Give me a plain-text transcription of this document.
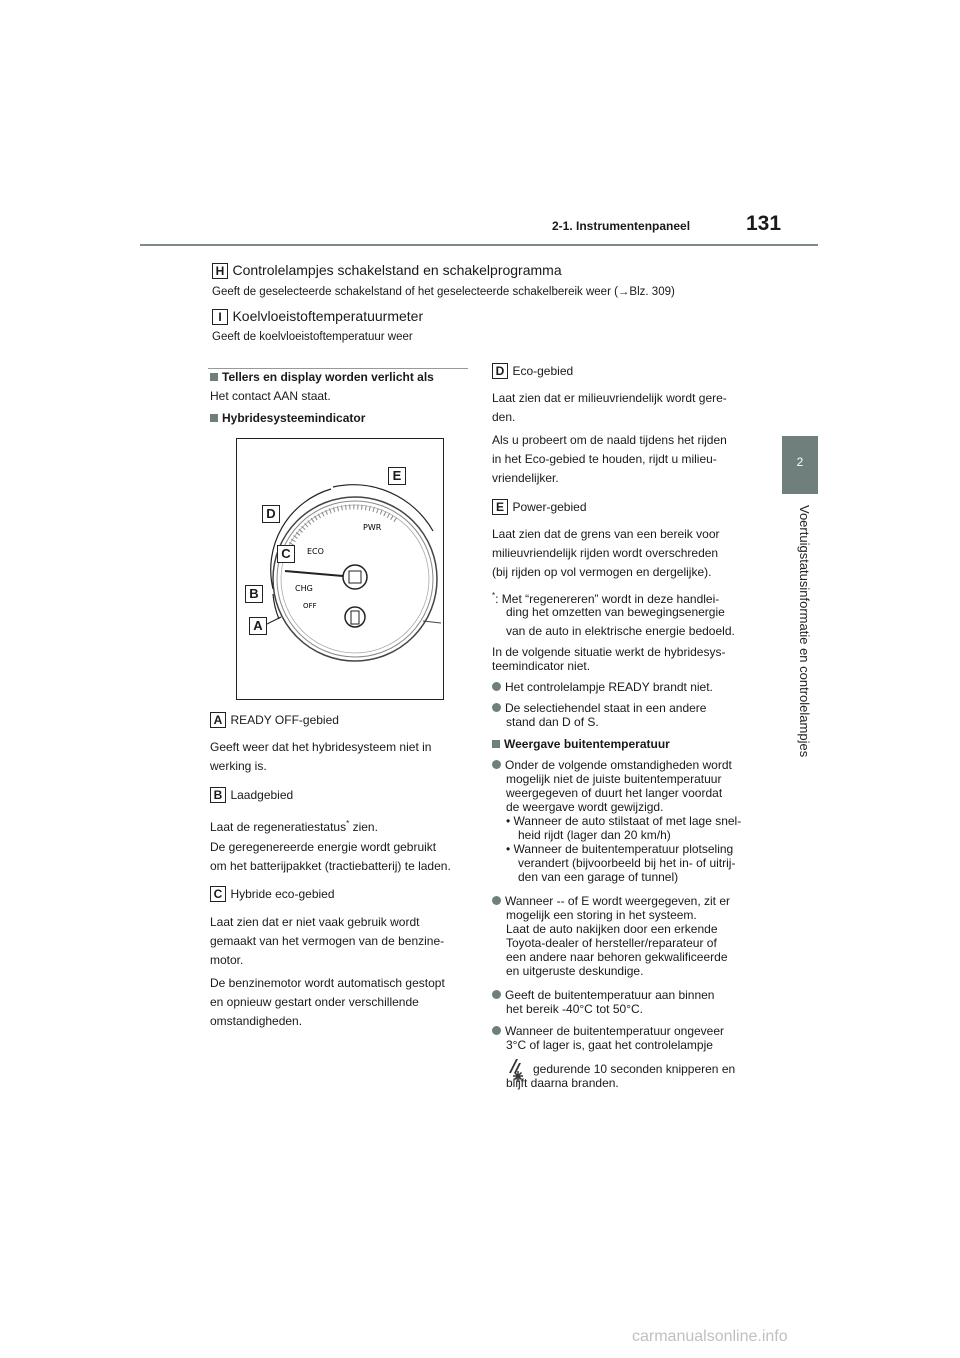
2-1. Instrumentenpaneel	131
2
Voertuigstatusinformatie en controlelampjes
H Controlelampjes schakelstand en schakelprogramma
Geeft de geselecteerde schakelstand of het geselecteerde schakelbereik weer (→Blz. 309)
I Koelvloeistoftemperatuurmeter
Geeft de koelvloeistoftemperatuur weer
Tellers en display worden verlicht als
Het contact AAN staat.
Hybridesysteemindicator
ECO
PWR
CHG
OFF
E
D
C
B
A
A READY OFF-gebied
Geeft weer dat het hybridesysteem niet in
werking is.
B Laadgebied
Laat de regeneratiestatus* zien.
De geregenereerde energie wordt gebruikt
om het batterijpakket (tractiebatterij) te laden.
C Hybride eco-gebied
Laat zien dat er niet vaak gebruik wordt
gemaakt van het vermogen van de benzine-
motor.
De benzinemotor wordt automatisch gestopt
en opnieuw gestart onder verschillende
omstandigheden.
D Eco-gebied
Laat zien dat er milieuvriendelijk wordt gere-
den.
Als u probeert om de naald tijdens het rijden
in het Eco-gebied te houden, rijdt u milieu-
vriendelijker.
E Power-gebied
Laat zien dat de grens van een bereik voor
milieuvriendelijk rijden wordt overschreden
(bij rijden op vol vermogen en dergelijke).
*: Met “regenereren” wordt in deze handlei-
ding het omzetten van bewegingsenergie
van de auto in elektrische energie bedoeld.
In de volgende situatie werkt de hybridesys-
teemindicator niet.
Het controlelampje READY brandt niet.
De selectiehendel staat in een andere
stand dan D of S.
Weergave buitentemperatuur
Onder de volgende omstandigheden wordt
mogelijk niet de juiste buitentemperatuur
weergegeven of duurt het langer voordat
de weergave wordt gewijzigd.
• Wanneer de auto stilstaat of met lage snel-
heid rijdt (lager dan 20 km/h)
• Wanneer de buitentemperatuur plotseling
verandert (bijvoorbeeld bij het in- of uitrij-
den van een garage of tunnel)
Wanneer -- of E wordt weergegeven, zit er
mogelijk een storing in het systeem.
Laat de auto nakijken door een erkende
Toyota-dealer of hersteller/reparateur of
een andere naar behoren gekwalificeerde
en uitgeruste deskundige.
Geeft de buitentemperatuur aan binnen
het bereik -40°C tot 50°C.
Wanneer de buitentemperatuur ongeveer
3°C of lager is, gaat het controlelampje
gedurende 10 seconden knipperen en
blijft daarna branden.
carmanualsonline.info
